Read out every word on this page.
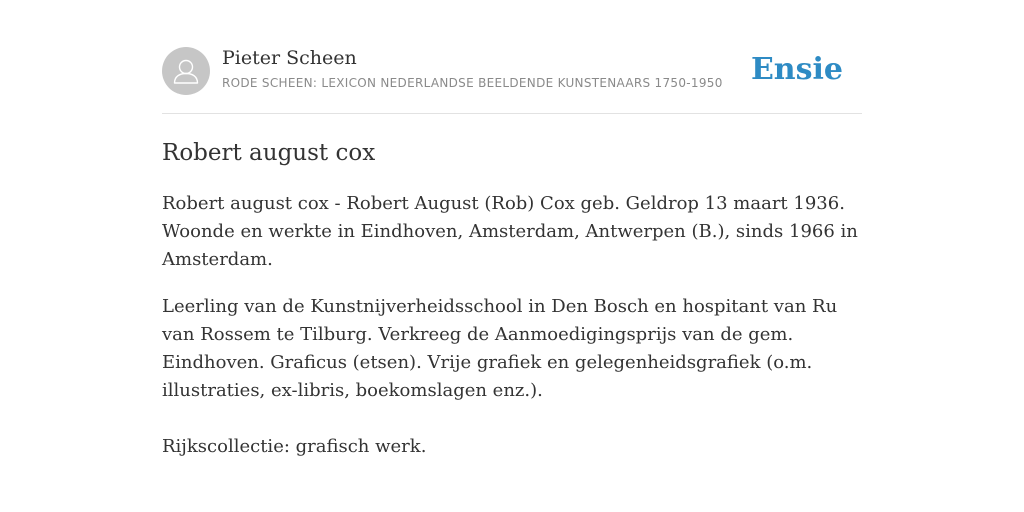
Pieter Scheen
RODE SCHEEN: LEXICON NEDERLANDSE BEELDENDE KUNSTENAARS 1750-1950 Ensie
Robert august cox

Robert august cox - Robert August (Rob) Cox geb. Geldrop 13 maart 1936. Woonde en werkte in Eindhoven, Amsterdam, Antwerpen (B.), sinds 1966 in Amsterdam.

Leerling van de Kunstnijverheidsschool in Den Bosch en hospitant van Ru van Rossem te Tilburg. Verkreeg de Aanmoedigingsprijs van de gem. Eindhoven. Graficus (etsen). Vrije grafiek en gelegenheidsgrafiek (o.m. illustraties, ex-libris, boekomslagen enz.).

Rijkscollectie: grafisch werk.
